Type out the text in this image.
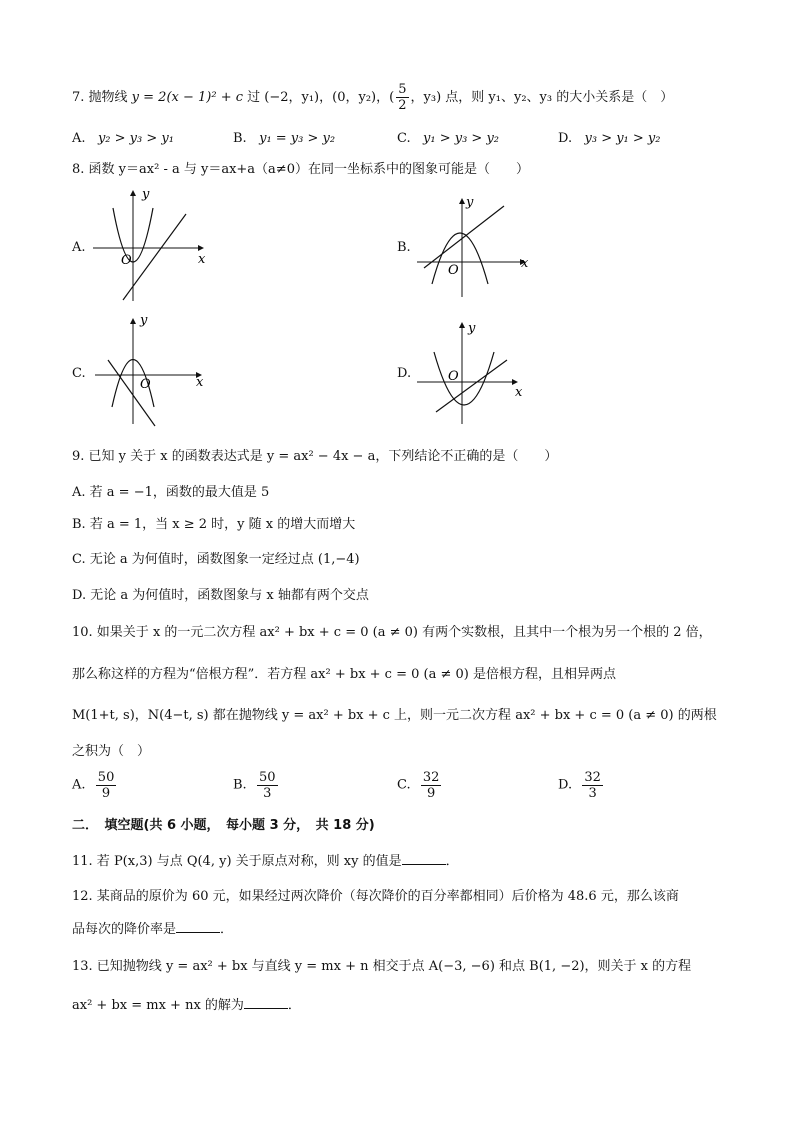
7. 抛物线 y = 2(x − 1)² + c 过 (−2，y₁)，(0，y₂)，( $\frac{5}{2}$ ，y₃) 点，则 y₁、y₂、y₃ 的大小关系是（　）
A. y₂ > y₃ > y₁	B. y₁ = y₃ > y₂	C. y₁ > y₃ > y₂	D. y₃ > y₁ > y₂
8. 函数 y＝ax² - a 与 y＝ax+a（a≠0）在同一坐标系中的图象可能是（　　）
A.
y
x
O
B.
y
x
O
C.
y
x
O
D.
y
x
O
9. 已知 y 关于 x 的函数表达式是 y = ax² − 4x − a，下列结论不正确的是（　　）
A. 若 a = −1，函数的最大值是 5
B. 若 a = 1，当 x ≥ 2 时，y 随 x 的增大而增大
C. 无论 a 为何值时，函数图象一定经过点 (1,−4)
D. 无论 a 为何值时，函数图象与 x 轴都有两个交点
10. 如果关于 x 的一元二次方程 ax² + bx + c = 0 (a ≠ 0) 有两个实数根，且其中一个根为另一个根的 2 倍，
那么称这样的方程为“倍根方程”．若方程 ax² + bx + c = 0 (a ≠ 0) 是倍根方程，且相异两点
M(1+t, s)，N(4−t, s) 都在抛物线 y = ax² + bx + c 上，则一元二次方程 ax² + bx + c = 0 (a ≠ 0) 的两根
之积为（　）
A. $\frac{50}{9}$	B. $\frac{50}{3}$	C. $\frac{32}{9}$	D. $\frac{32}{3}$
二．　填空题(共 6 小题，　每小题 3 分，　共 18 分)
11. 若 P(x,3) 与点 Q(4, y) 关于原点对称，则 xy 的值是	．
12. 某商品的原价为 60 元，如果经过两次降价（每次降价的百分率都相同）后价格为 48.6 元，那么该商
品每次的降价率是	．
13. 已知抛物线 y = ax² + bx 与直线 y = mx + n 相交于点 A(−3, −6) 和点 B(1, −2)，则关于 x 的方程
ax² + bx = mx + nx 的解为	．
